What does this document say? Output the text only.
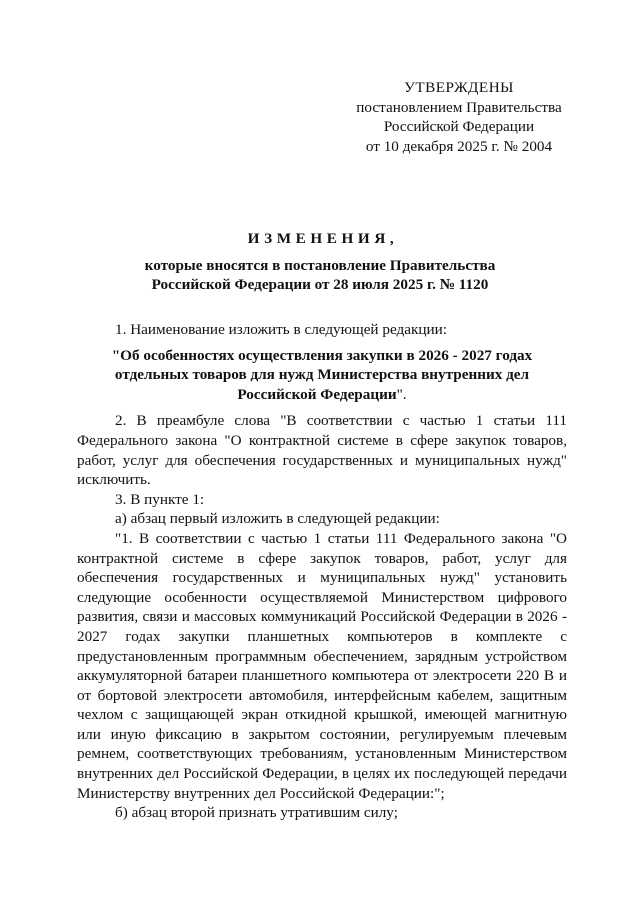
УТВЕРЖДЕНЫ
постановлением Правительства
Российской Федерации
от 10 декабря 2025 г. № 2004
ИЗМЕНЕНИЯ,
которые вносятся в постановление Правительства
Российской Федерации от 28 июля 2025 г. № 1120

1. Наименование изложить в следующей редакции:

"Об особенностях осуществления закупки в 2026 - 2027 годах отдельных товаров для нужд Министерства внутренних дел Российской Федерации".

2. В преамбуле слова "В соответствии с частью 1 статьи 111 Федерального закона "О контрактной системе в сфере закупок товаров, работ, услуг для обеспечения государственных и муниципальных нужд" исключить.

3. В пункте 1:

а) абзац первый изложить в следующей редакции:

"1. В соответствии с частью 1 статьи 111 Федерального закона "О контрактной системе в сфере закупок товаров, работ, услуг для обеспечения государственных и муниципальных нужд" установить следующие особенности осуществляемой Министерством цифрового развития, связи и массовых коммуникаций Российской Федерации в 2026 - 2027 годах закупки планшетных компьютеров в комплекте с предустановленным программным обеспечением, зарядным устройством аккумуляторной батареи планшетного компьютера от электросети 220 В и от бортовой электросети автомобиля, интерфейсным кабелем, защитным чехлом с защищающей экран откидной крышкой, имеющей магнитную или иную фиксацию в закрытом состоянии, регулируемым плечевым ремнем, соответствующих требованиям, установленным Министерством внутренних дел Российской Федерации, в целях их последующей передачи Министерству внутренних дел Российской Федерации:";

б) абзац второй признать утратившим силу;
